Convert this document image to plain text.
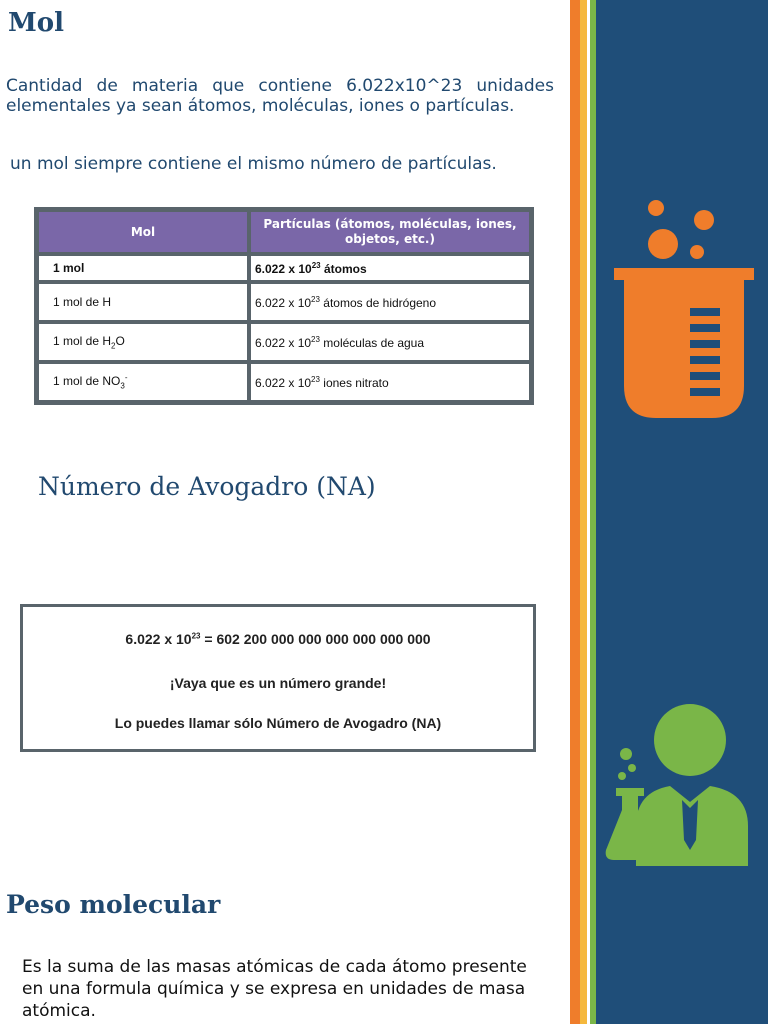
Mol

Cantidad de materia que contiene 6.022x10^23 unidades elementales ya sean átomos, moléculas, iones o partículas.

un mol siempre contiene el mismo número de partículas.

Mol	Partículas (átomos, moléculas, iones, objetos, etc.)
1 mol	6.022 x $10^{23}$ átomos
1 mol de H	6.022 x $10^{23}$ átomos de hidrógeno
1 mol de $H_2O$	6.022 x $10^{23}$ moléculas de agua
1 mol de $NO_3^-$	6.022 x $10^{23}$ iones nitrato
Número de Avogadro (NA)
6.022 x $10^{23} = 602$ 200 000 000 000 000 000 000
¡Vaya que es un número grande!
Lo puedes llamar sólo Número de Avogadro (NA)
Peso molecular

Es la suma de las masas atómicas de cada átomo presente en una formula química y se expresa en unidades de masa atómica.
